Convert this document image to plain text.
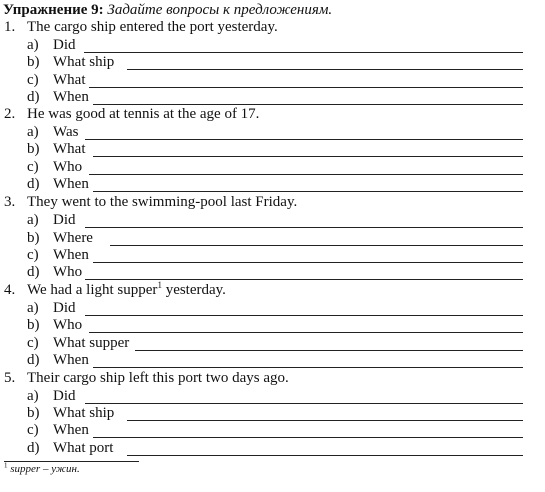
Упражнение 9: Задайте вопросы к предложениям.
1. The cargo ship entered the port yesterday.
a) Did
b) What ship
c) What
d) When
2. He was good at tennis at the age of 17.
a) Was
b) What
c) Who
d) When
3. They went to the swimming-pool last Friday.
a) Did
b) Where
c) When
d) Who
4. We had a light supper$^1$ yesterday.
a) Did
b) Who
c) What supper
d) When
5. Their cargo ship left this port two days ago.
a) Did
b) What ship
c) When
d) What port
$^1$ supper – ужин.
